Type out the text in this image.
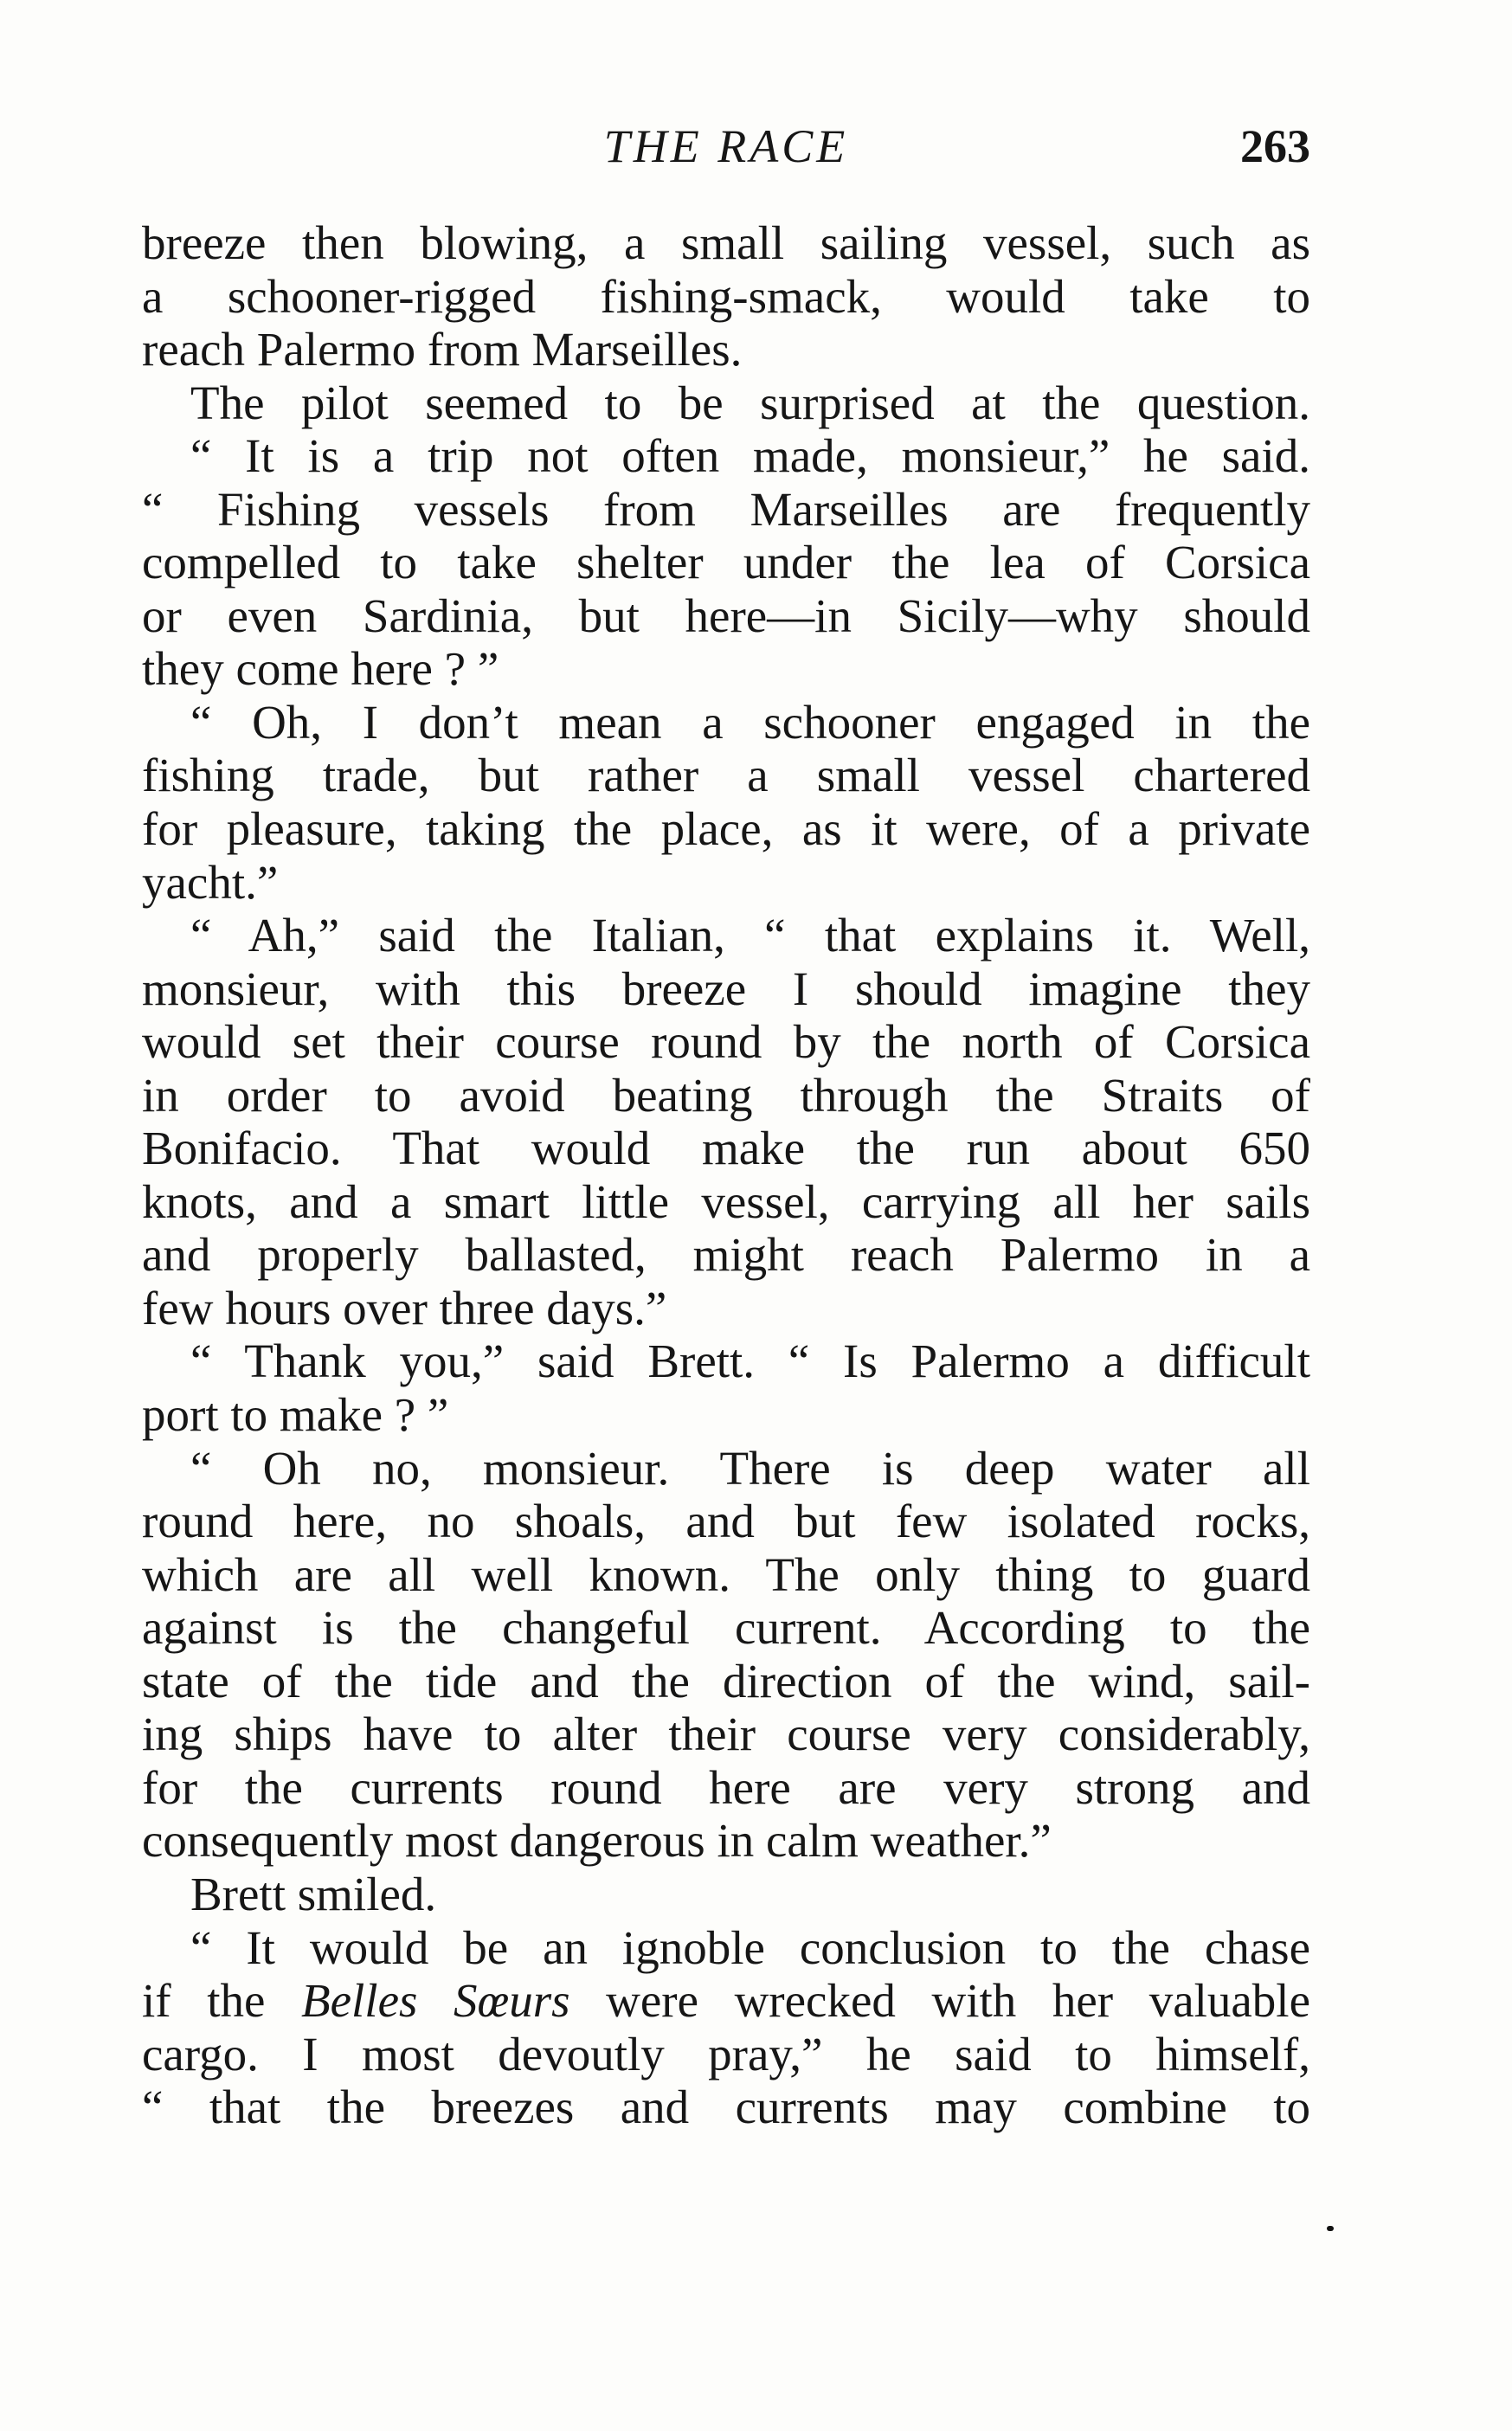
THE RACE	263
breeze then blowing, a small sailing vessel, such as
a schooner-rigged fishing-smack, would take to
reach Palermo from Marseilles.
The pilot seemed to be surprised at the question.
“ It is a trip not often made, monsieur,” he said.
“ Fishing vessels from Marseilles are frequently
compelled to take shelter under the lea of Corsica
or even Sardinia, but here—in Sicily—why should
they come here ? ”
“ Oh, I don’t mean a schooner engaged in the
fishing trade, but rather a small vessel chartered
for pleasure, taking the place, as it were, of a private
yacht.”
“ Ah,” said the Italian, “ that explains it. Well,
monsieur, with this breeze I should imagine they
would set their course round by the north of Corsica
in order to avoid beating through the Straits of
Bonifacio. That would make the run about 650
knots, and a smart little vessel, carrying all her sails
and properly ballasted, might reach Palermo in a
few hours over three days.”
“ Thank you,” said Brett. “ Is Palermo a difficult
port to make ? ”
“ Oh no, monsieur. There is deep water all
round here, no shoals, and but few isolated rocks,
which are all well known. The only thing to guard
against is the changeful current. According to the
state of the tide and the direction of the wind, sail-
ing ships have to alter their course very considerably,
for the currents round here are very strong and
consequently most dangerous in calm weather.”
Brett smiled.
“ It would be an ignoble conclusion to the chase
if the Belles Sœurs were wrecked with her valuable
cargo. I most devoutly pray,” he said to himself,
“ that the breezes and currents may combine to
